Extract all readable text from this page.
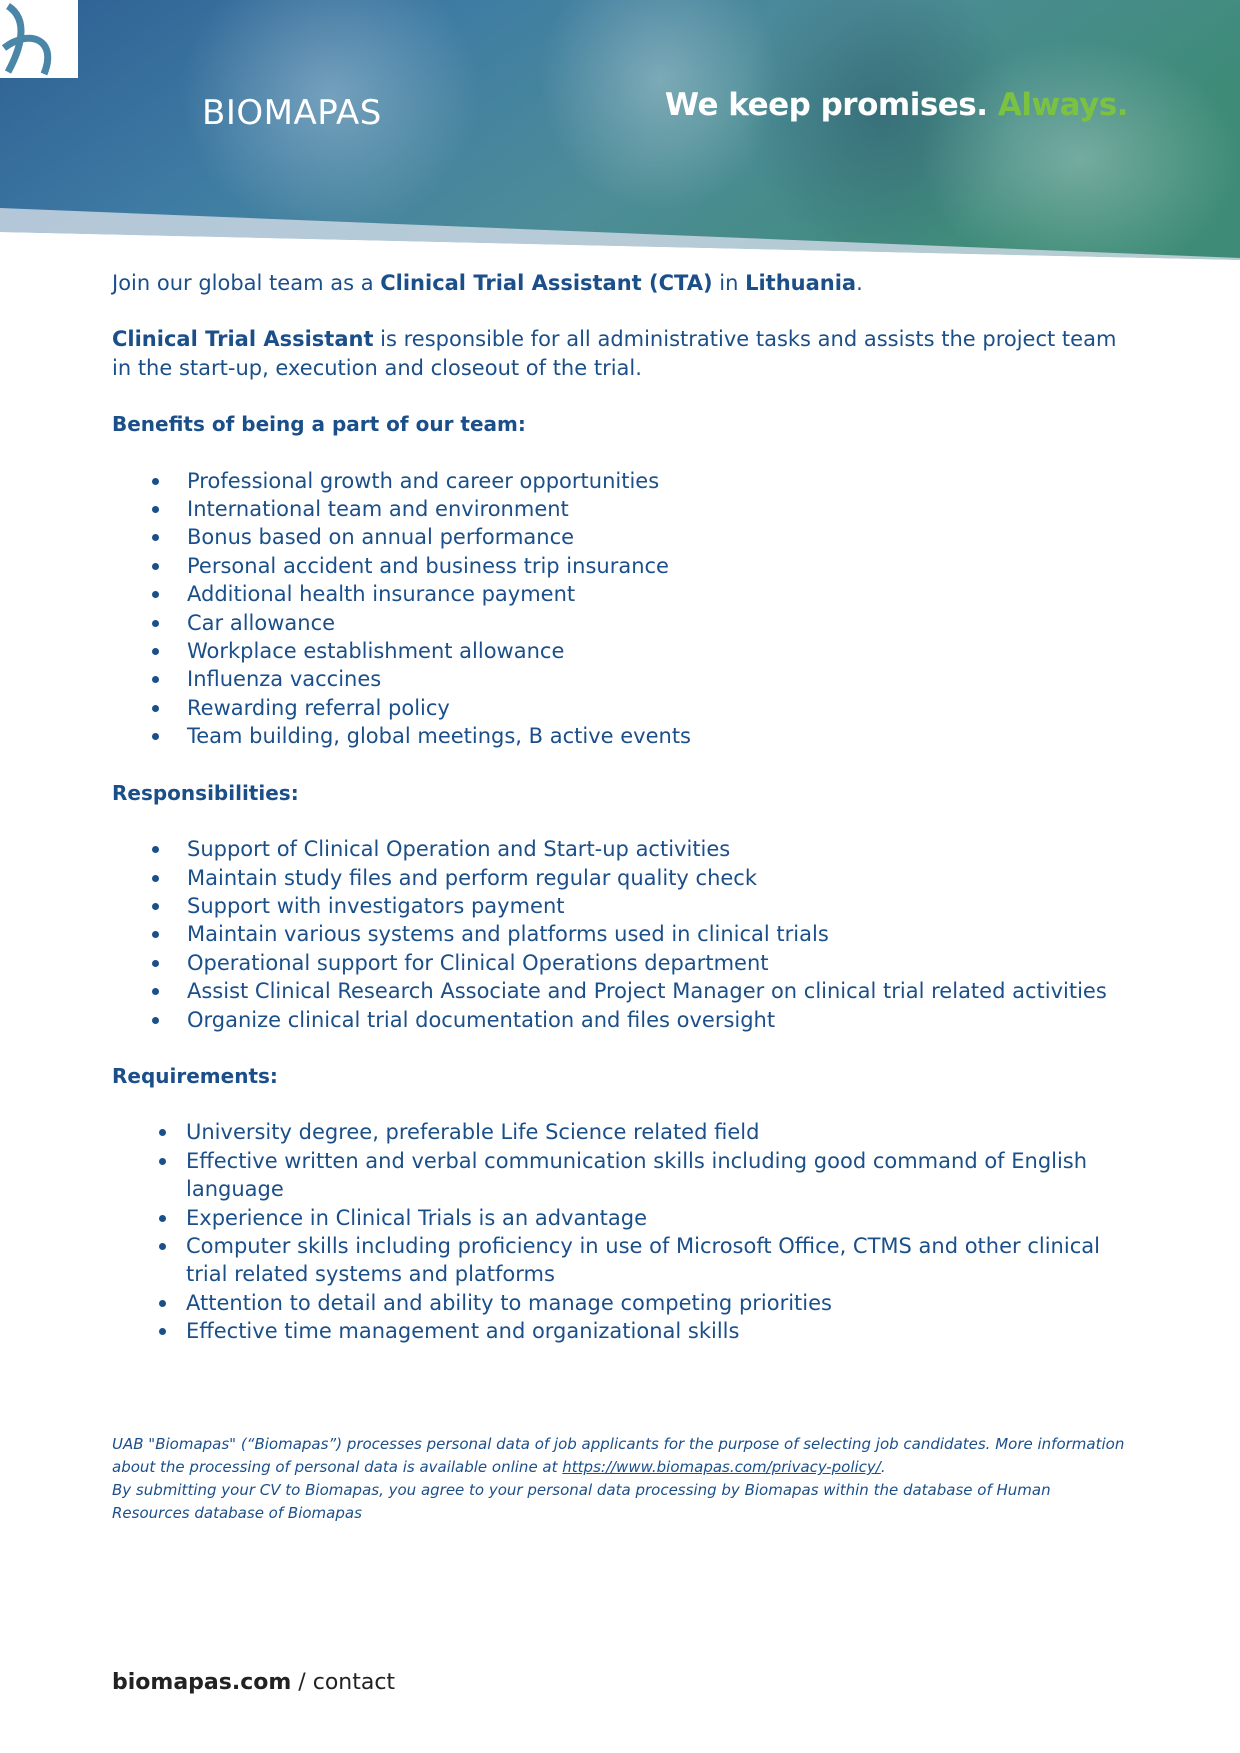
BIOMAPAS	We keep promises. Always.

Join our global team as a Clinical Trial Assistant (CTA) in Lithuania.

Clinical Trial Assistant is responsible for all administrative tasks and assists the project team in the start-up, execution and closeout of the trial.

Benefits of being a part of our team:
Professional growth and career opportunities
International team and environment
Bonus based on annual performance
Personal accident and business trip insurance
Additional health insurance payment
Car allowance
Workplace establishment allowance
Influenza vaccines
Rewarding referral policy
Team building, global meetings, B active events
Responsibilities:
Support of Clinical Operation and Start-up activities
Maintain study files and perform regular quality check
Support with investigators payment
Maintain various systems and platforms used in clinical trials
Operational support for Clinical Operations department
Assist Clinical Research Associate and Project Manager on clinical trial related activities
Organize clinical trial documentation and files oversight
Requirements:
University degree, preferable Life Science related field
Effective written and verbal communication skills including good command of English language
Experience in Clinical Trials is an advantage
Computer skills including proficiency in use of Microsoft Office, CTMS and other clinical trial related systems and platforms
Attention to detail and ability to manage competing priorities
Effective time management and organizational skills

UAB "Biomapas" (“Biomapas”) processes personal data of job applicants for the purpose of selecting job candidates. More information about the processing of personal data is available online at https://www.biomapas.com/privacy-policy/.

By submitting your CV to Biomapas, you agree to your personal data processing by Biomapas within the database of Human Resources database of Biomapas

biomapas.com / contact
